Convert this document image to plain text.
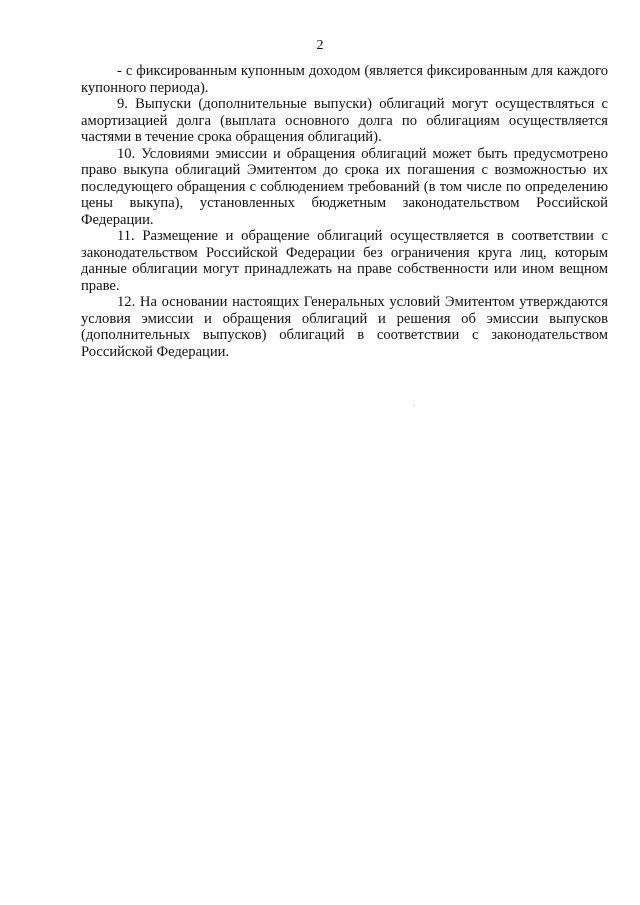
2

- с фиксированным купонным доходом (является фиксированным для каждого купонного периода).

9. Выпуски (дополнительные выпуски) облигаций могут осуществляться с амортизацией долга (выплата основного долга по облигациям осуществляется частями в течение срока обращения облигаций).

10. Условиями эмиссии и обращения облигаций может быть предусмотрено право выкупа облигаций Эмитентом до срока их погашения с возможностью их последующего обращения с соблюдением требований (в том числе по определению цены выкупа), установленных бюджетным законодательством Российской Федерации.

11. Размещение и обращение облигаций осуществляется в соответствии с законодательством Российской Федерации без ограничения круга лиц, которым данные облигации могут принадлежать на праве собственности или ином вещном праве.

12. На основании настоящих Генеральных условий Эмитентом утверждаются условия эмиссии и обращения облигаций и решения об эмиссии выпусков (дополнительных выпусков) облигаций в соответствии с законодательством Российской Федерации.
